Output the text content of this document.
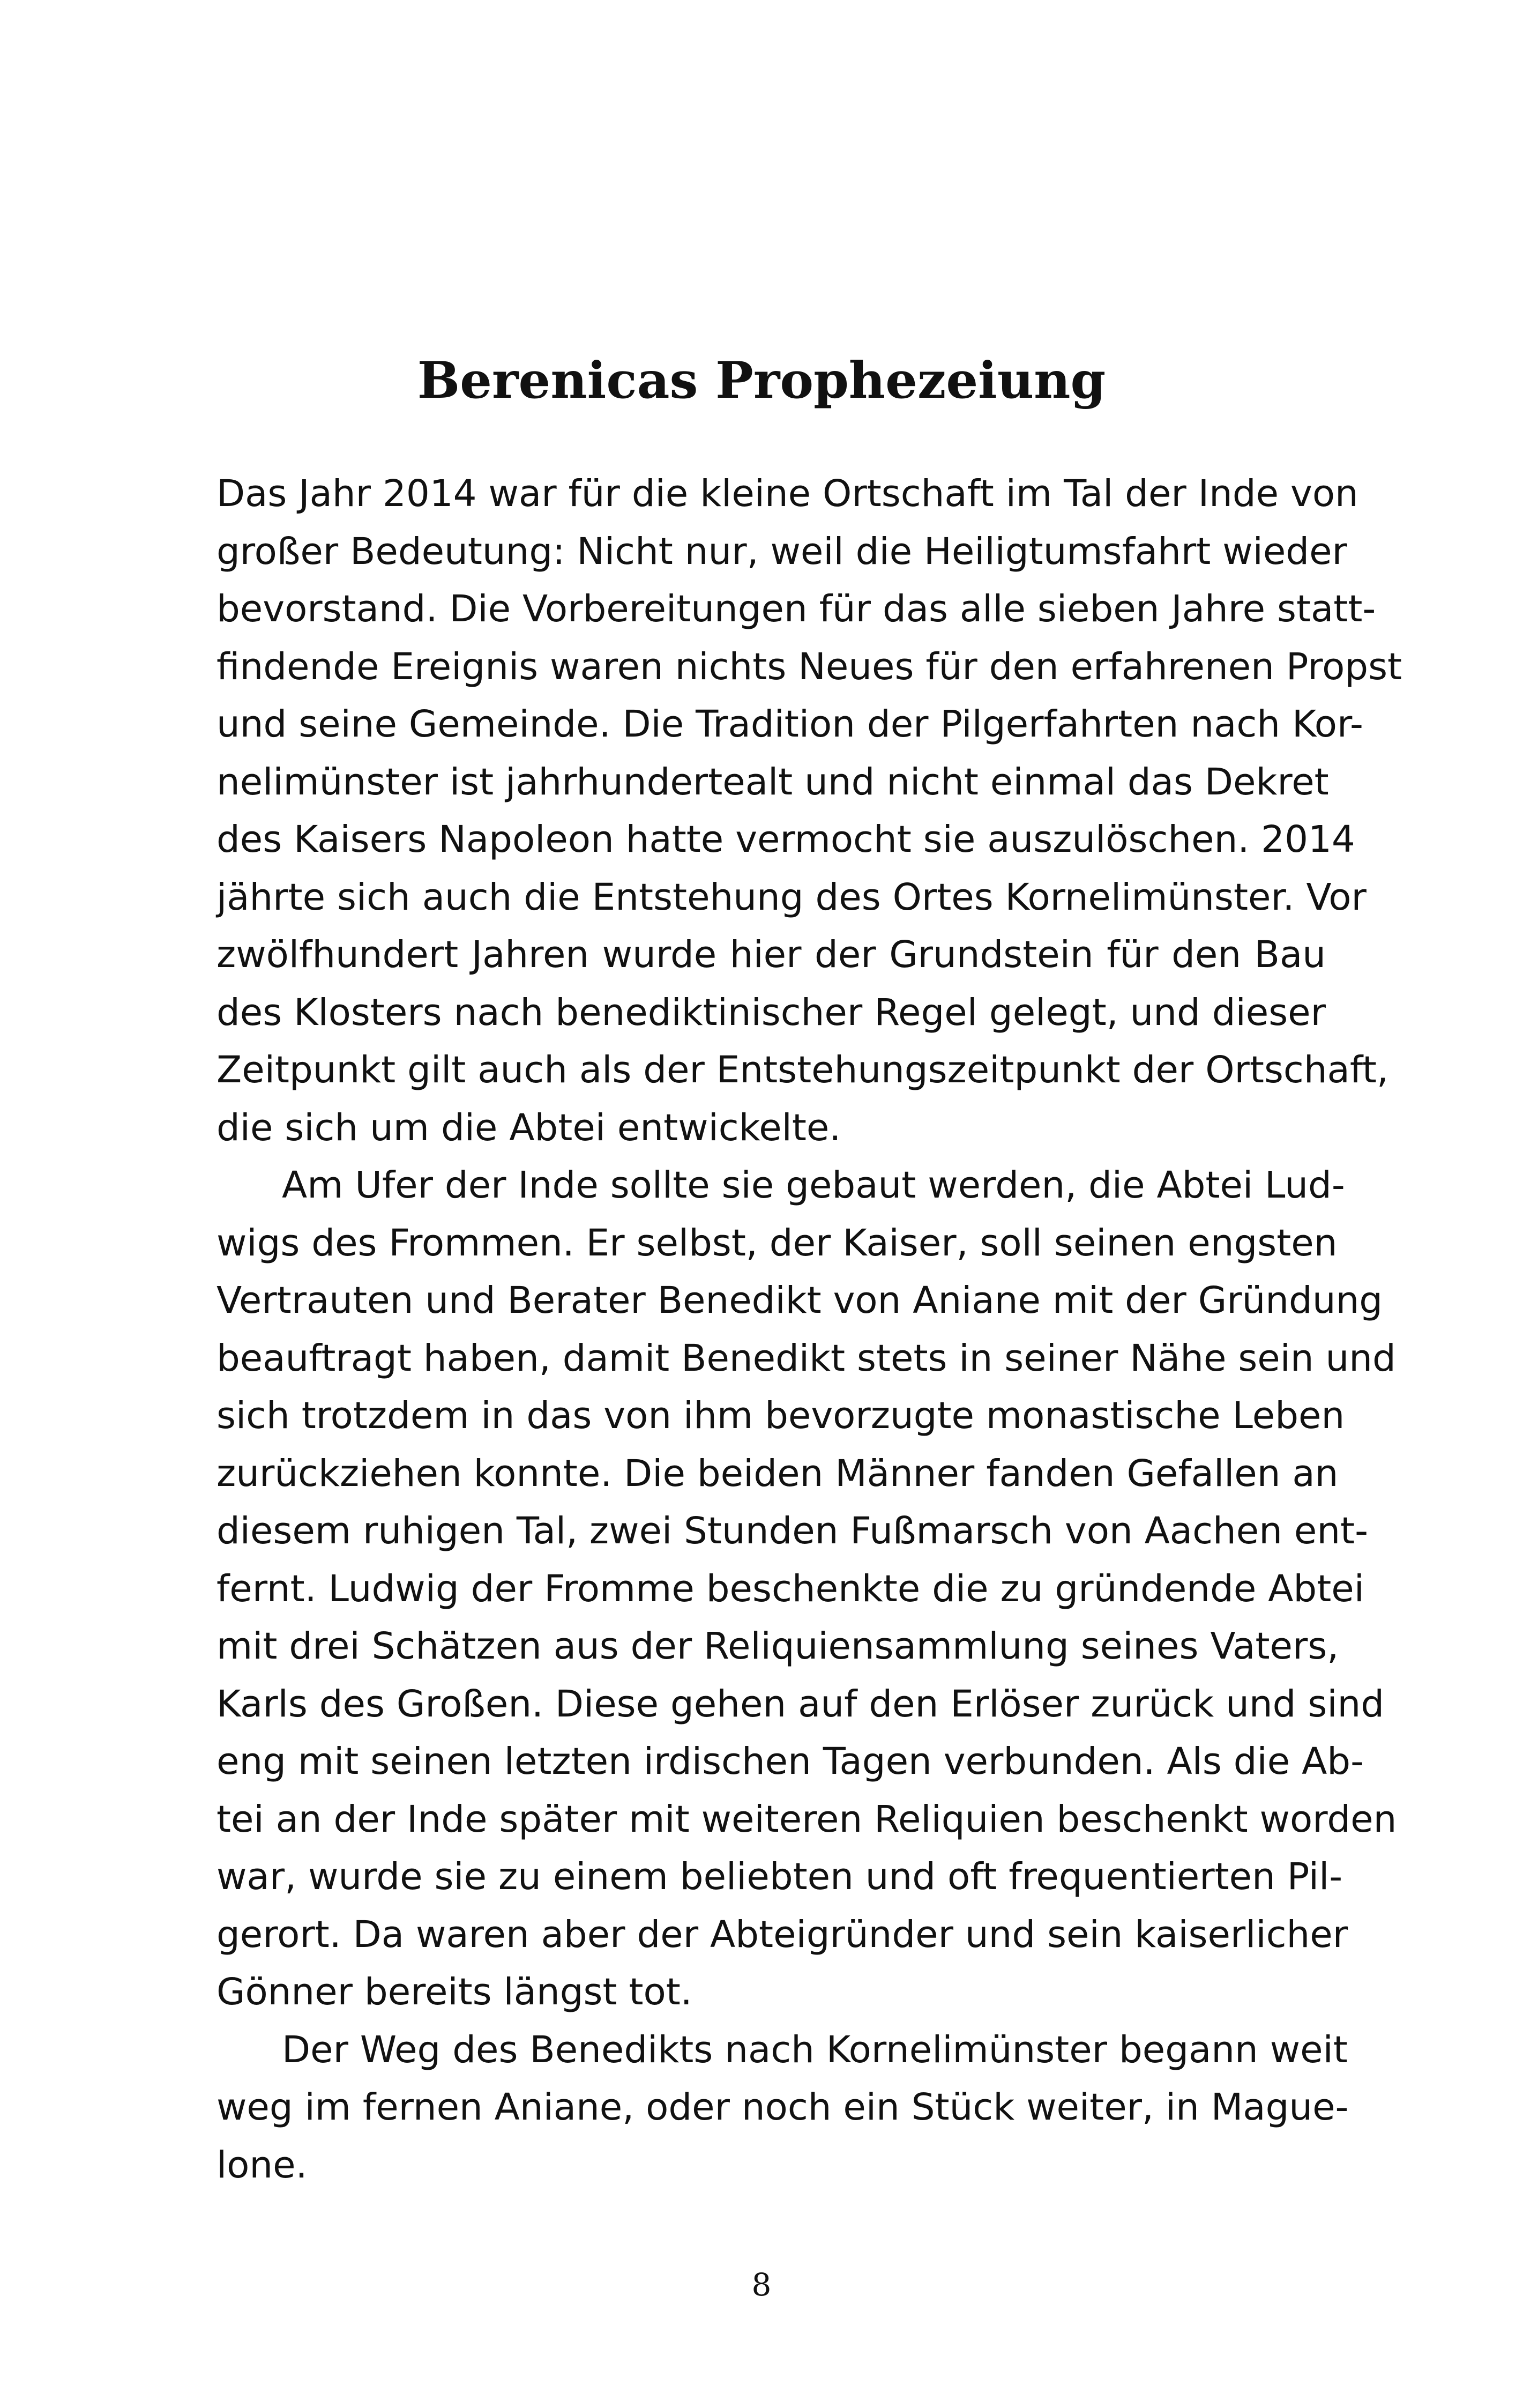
Berenicas Prophezeiung

Das Jahr 2014 war für die kleine Ortschaft im Tal der Inde von
großer Bedeutung: Nicht nur, weil die Heiligtumsfahrt wieder
bevorstand. Die Vorbereitungen für das alle sieben Jahre statt-
findende Ereignis waren nichts Neues für den erfahrenen Propst
und seine Gemeinde. Die Tradition der Pilgerfahrten nach Kor-
nelimünster ist jahrhundertealt und nicht einmal das Dekret
des Kaisers Napoleon hatte vermocht sie auszulöschen. 2014
jährte sich auch die Entstehung des Ortes Kornelimünster. Vor
zwölfhundert Jahren wurde hier der Grundstein für den Bau
des Klosters nach benediktinischer Regel gelegt, und dieser
Zeitpunkt gilt auch als der Entstehungszeitpunkt der Ortschaft,
die sich um die Abtei entwickelte.

Am Ufer der Inde sollte sie gebaut werden, die Abtei Lud-
wigs des Frommen. Er selbst, der Kaiser, soll seinen engsten
Vertrauten und Berater Benedikt von Aniane mit der Gründung
beauftragt haben, damit Benedikt stets in seiner Nähe sein und
sich trotzdem in das von ihm bevorzugte monastische Leben
zurückziehen konnte. Die beiden Männer fanden Gefallen an
diesem ruhigen Tal, zwei Stunden Fußmarsch von Aachen ent-
fernt. Ludwig der Fromme beschenkte die zu gründende Abtei
mit drei Schätzen aus der Reliquiensammlung seines Vaters,
Karls des Großen. Diese gehen auf den Erlöser zurück und sind
eng mit seinen letzten irdischen Tagen verbunden. Als die Ab-
tei an der Inde später mit weiteren Reliquien beschenkt worden
war, wurde sie zu einem beliebten und oft frequentierten Pil-
gerort. Da waren aber der Abteigründer und sein kaiserlicher
Gönner bereits längst tot.

Der Weg des Benedikts nach Kornelimünster begann weit
weg im fernen Aniane, oder noch ein Stück weiter, in Mague-
lone.

8
